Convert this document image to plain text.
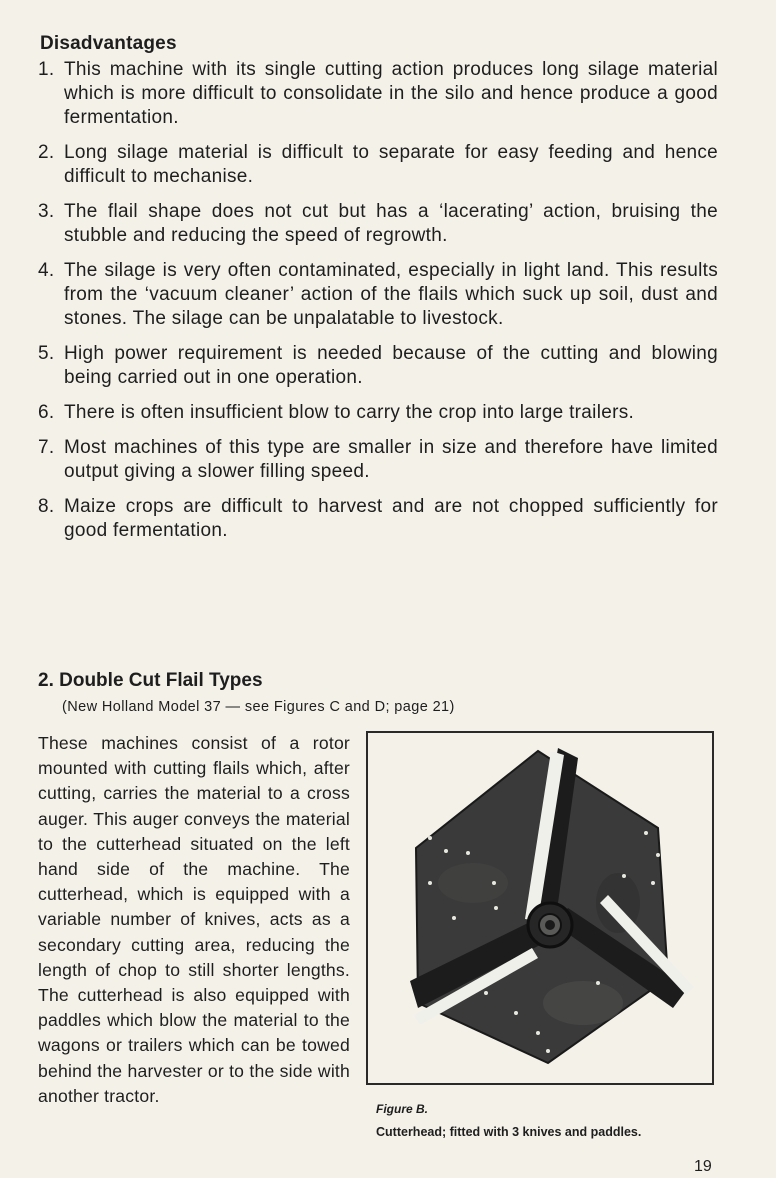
Disadvantages
1. This machine with its single cutting action produces long silage material which is more difficult to consolidate in the silo and hence produce a good fermentation.
2. Long silage material is difficult to separate for easy feeding and hence difficult to mechanise.
3. The flail shape does not cut but has a ‘lacerating’ action, bruising the stubble and reducing the speed of regrowth.
4. The silage is very often contaminated, especially in light land. This results from the ‘vacuum cleaner’ action of the flails which suck up soil, dust and stones. The silage can be unpalatable to livestock.
5. High power requirement is needed because of the cutting and blowing being carried out in one operation.
6. There is often insufficient blow to carry the crop into large trailers.
7. Most machines of this type are smaller in size and therefore have limited output giving a slower filling speed.
8. Maize crops are difficult to harvest and are not chopped sufficiently for good fermentation.
2. Double Cut Flail Types
(New Holland Model 37 — see Figures C and D; page 21)
These machines consist of a rotor mounted with cutting flails which, after cutting, carries the material to a cross auger. This auger conveys the material to the cutterhead situated on the left hand side of the machine. The cutterhead, which is equipped with a variable number of knives, acts as a secondary cutting area, reducing the length of chop to still shorter lengths. The cutterhead is also equipped with paddles which blow the material to the wagons or trailers which can be towed behind the harvester or to the side with another tractor.
Figure B.
Cutterhead; fitted with 3 knives and paddles.
19
